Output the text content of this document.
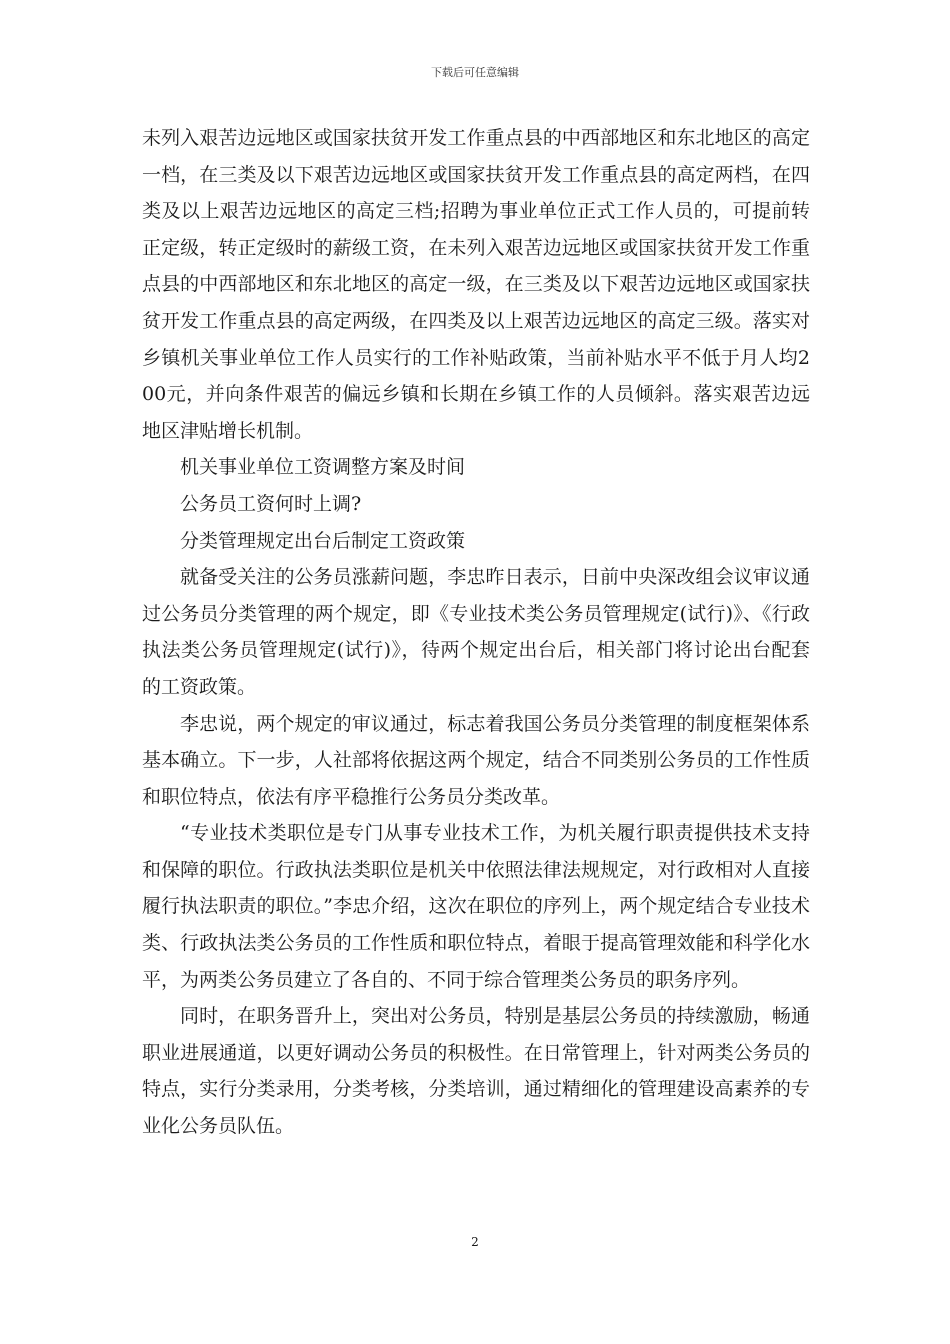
下载后可任意编辑

未列入艰苦边远地区或国家扶贫开发工作重点县的中西部地区和东北地区的高定一档，在三类及以下艰苦边远地区或国家扶贫开发工作重点县的高定两档，在四类及以上艰苦边远地区的高定三档;招聘为事业单位正式工作人员的，可提前转正定级，转正定级时的薪级工资，在未列入艰苦边远地区或国家扶贫开发工作重点县的中西部地区和东北地区的高定一级，在三类及以下艰苦边远地区或国家扶贫开发工作重点县的高定两级，在四类及以上艰苦边远地区的高定三级。落实对乡镇机关事业单位工作人员实行的工作补贴政策，当前补贴水平不低于月人均200元，并向条件艰苦的偏远乡镇和长期在乡镇工作的人员倾斜。落实艰苦边远地区津贴增长机制。

机关事业单位工资调整方案及时间

公务员工资何时上调?

分类管理规定出台后制定工资政策

就备受关注的公务员涨薪问题，李忠昨日表示，日前中央深改组会议审议通过公务员分类管理的两个规定，即《专业技术类公务员管理规定(试行)》、《行政执法类公务员管理规定(试行)》，待两个规定出台后，相关部门将讨论出台配套的工资政策。

李忠说，两个规定的审议通过，标志着我国公务员分类管理的制度框架体系基本确立。下一步，人社部将依据这两个规定，结合不同类别公务员的工作性质和职位特点，依法有序平稳推行公务员分类改革。

“专业技术类职位是专门从事专业技术工作，为机关履行职责提供技术支持和保障的职位。行政执法类职位是机关中依照法律法规规定，对行政相对人直接履行执法职责的职位。”李忠介绍，这次在职位的序列上，两个规定结合专业技术类、行政执法类公务员的工作性质和职位特点，着眼于提高管理效能和科学化水平，为两类公务员建立了各自的、不同于综合管理类公务员的职务序列。

同时，在职务晋升上，突出对公务员，特别是基层公务员的持续激励，畅通职业进展通道，以更好调动公务员的积极性。在日常管理上，针对两类公务员的特点，实行分类录用，分类考核，分类培训，通过精细化的管理建设高素养的专业化公务员队伍。

2
